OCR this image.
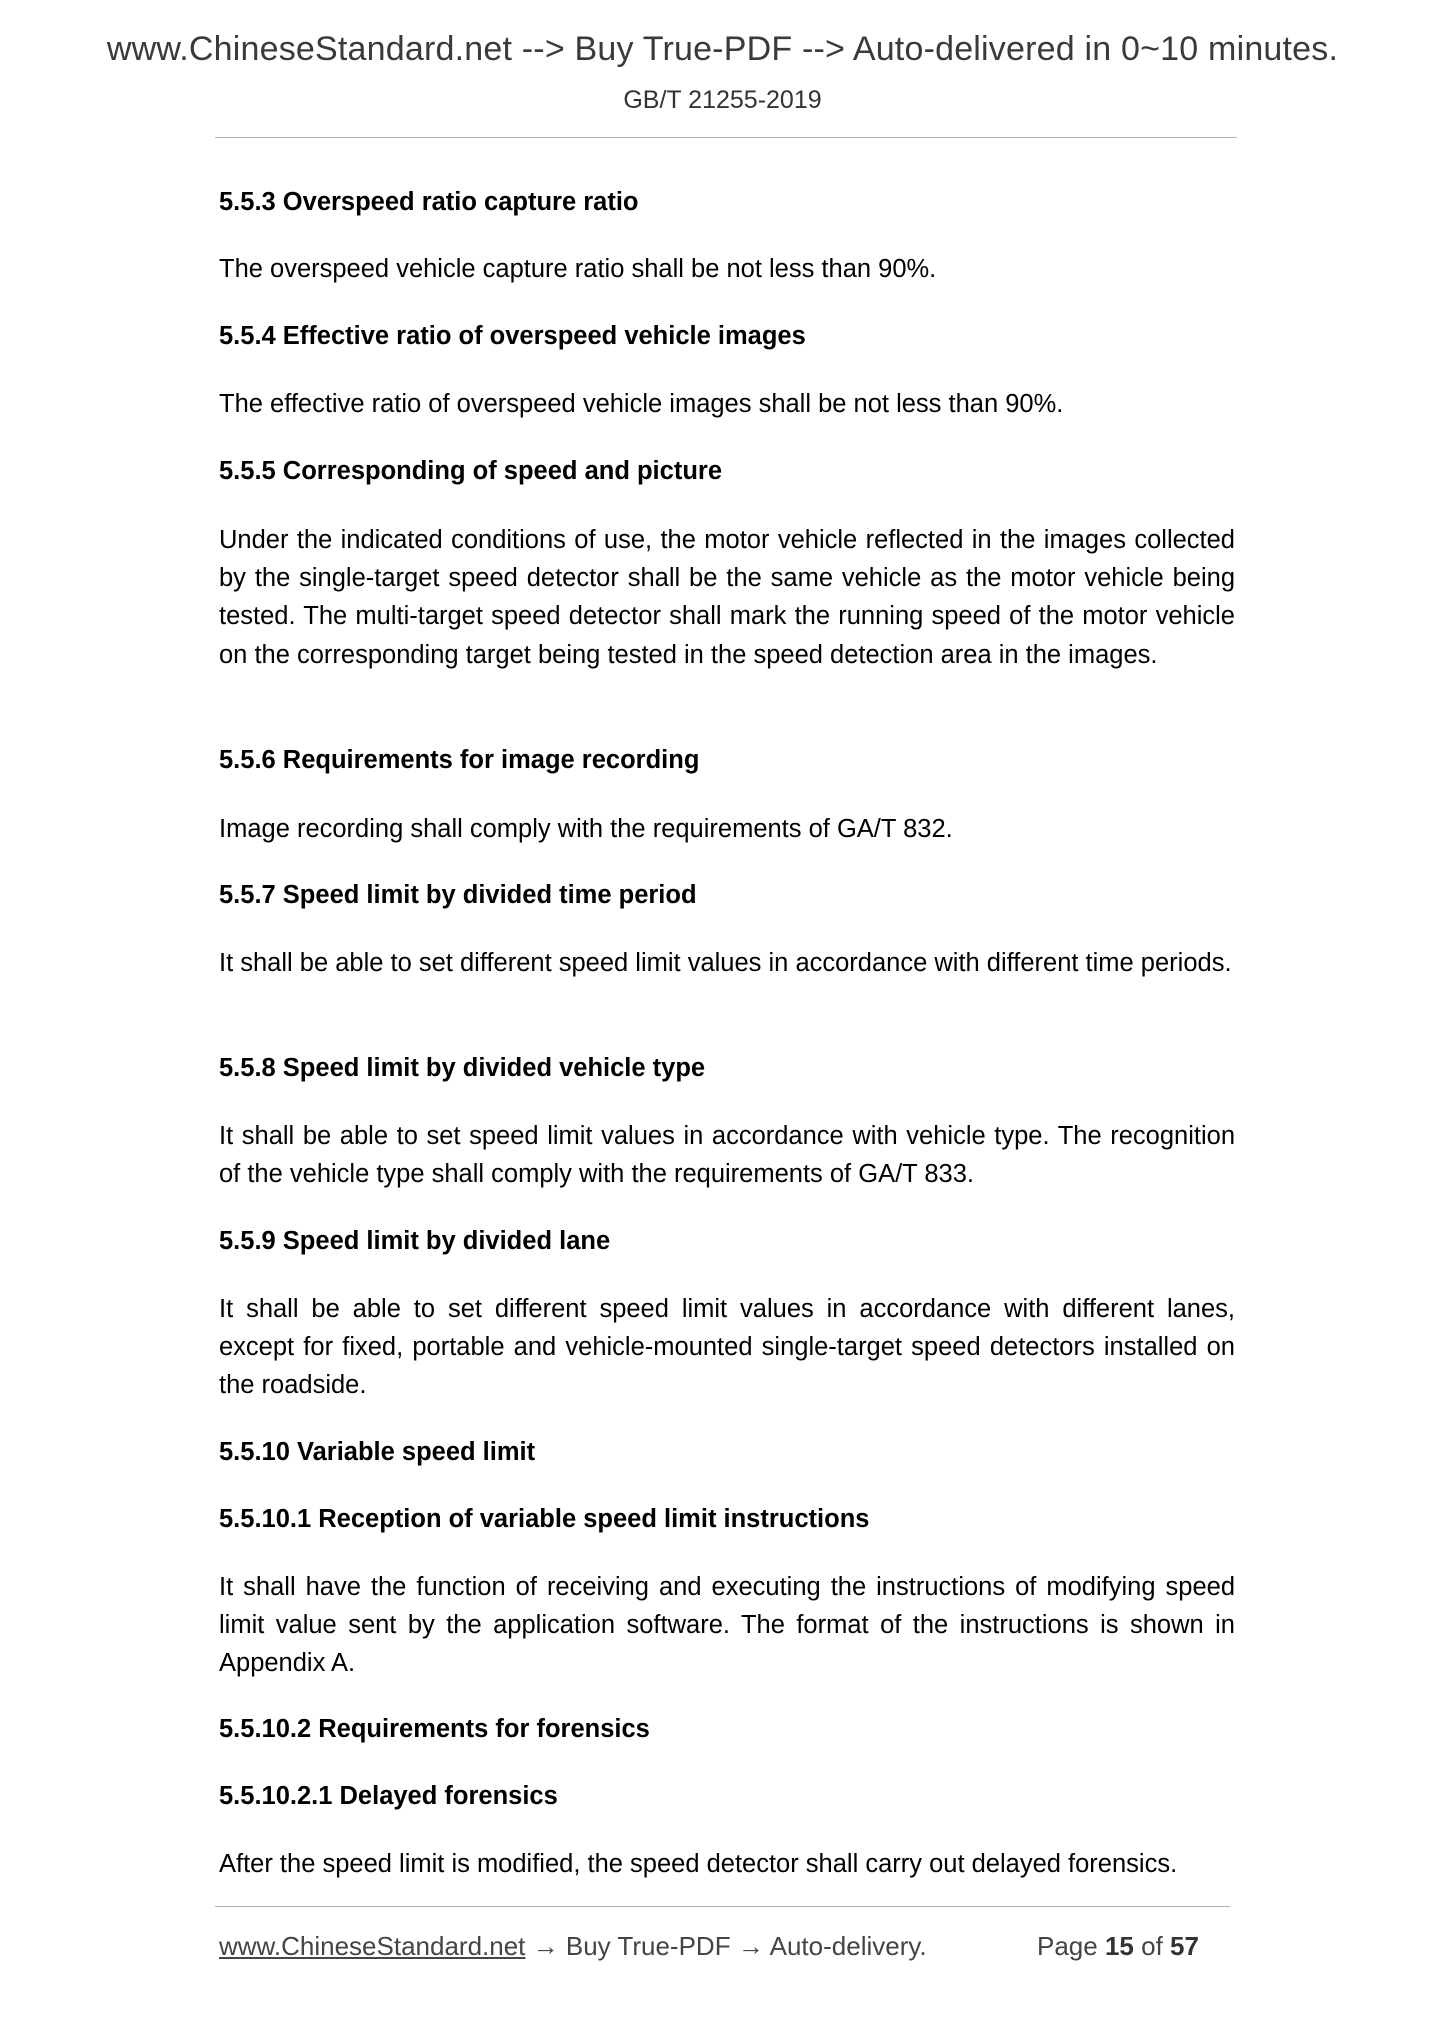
www.ChineseStandard.net --> Buy True-PDF --> Auto-delivered in 0~10 minutes.
GB/T 21255-2019
5.5.3 Overspeed ratio capture ratio
The overspeed vehicle capture ratio shall be not less than 90%.
5.5.4 Effective ratio of overspeed vehicle images
The effective ratio of overspeed vehicle images shall be not less than 90%.
5.5.5 Corresponding of speed and picture
Under the indicated conditions of use, the motor vehicle reflected in the images collected by the single-target speed detector shall be the same vehicle as the motor vehicle being tested. The multi-target speed detector shall mark the running speed of the motor vehicle on the corresponding target being tested in the speed detection area in the images.
5.5.6 Requirements for image recording
Image recording shall comply with the requirements of GA/T 832.
5.5.7 Speed limit by divided time period
It shall be able to set different speed limit values in accordance with different time periods.
5.5.8 Speed limit by divided vehicle type
It shall be able to set speed limit values in accordance with vehicle type. The recognition of the vehicle type shall comply with the requirements of GA/T 833.
5.5.9 Speed limit by divided lane
It shall be able to set different speed limit values in accordance with different lanes, except for fixed, portable and vehicle-mounted single-target speed detectors installed on the roadside.
5.5.10 Variable speed limit
5.5.10.1 Reception of variable speed limit instructions
It shall have the function of receiving and executing the instructions of modifying speed limit value sent by the application software. The format of the instructions is shown in Appendix A.
5.5.10.2 Requirements for forensics
5.5.10.2.1 Delayed forensics
After the speed limit is modified, the speed detector shall carry out delayed forensics.
www.ChineseStandard.net → Buy True-PDF → Auto-delivery.	Page 15 of 57
